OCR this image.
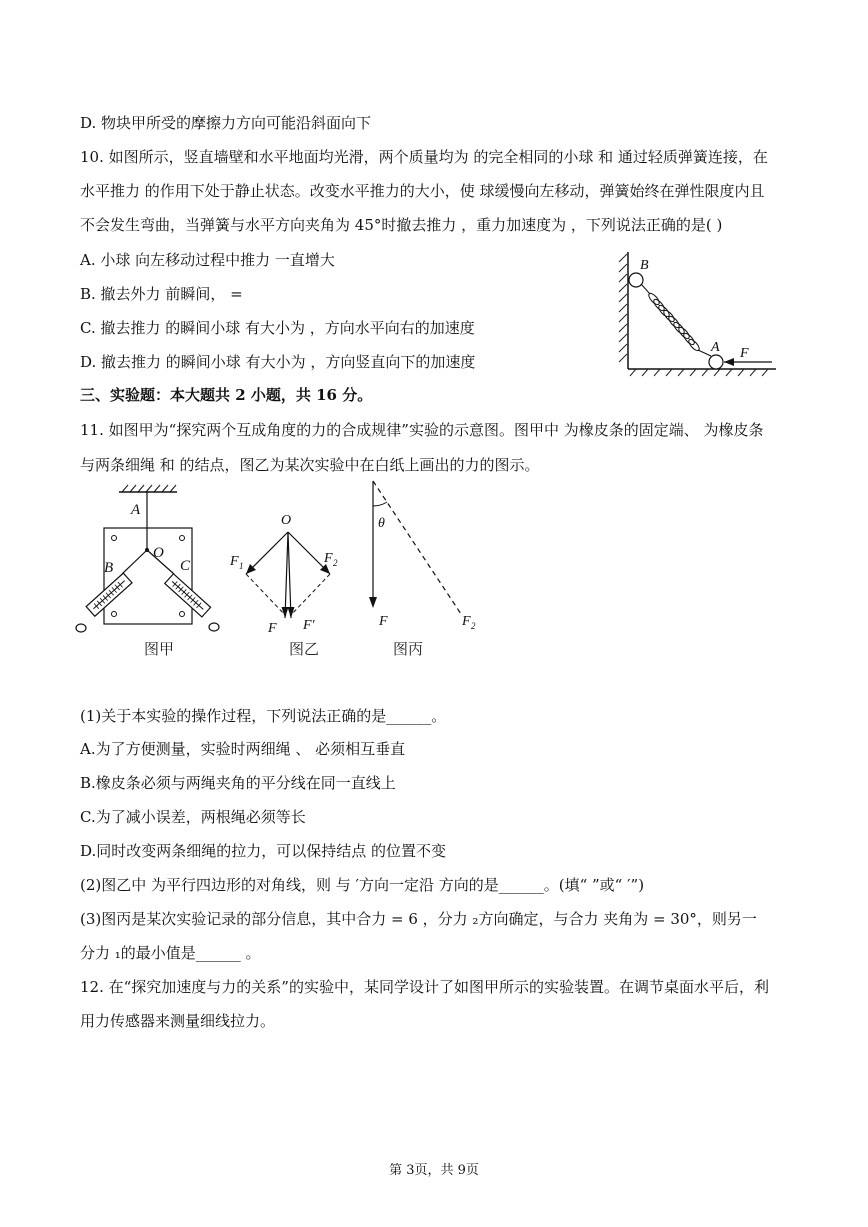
D. 物块甲所受的摩擦力方向可能沿斜面向下
10. 如图所示，竖直墙壁和水平地面均光滑，两个质量均为 的完全相同的小球 和 通过轻质弹簧连接，在
水平推力 的作用下处于静止状态。改变水平推力的大小，使 球缓慢向左移动，弹簧始终在弹性限度内且
不会发生弯曲，当弹簧与水平方向夹角为 45°时撤去推力 ，重力加速度为 ，下列说法正确的是( )
A. 小球 向左移动过程中推力 一直增大
B. 撤去外力 前瞬间， =
C. 撤去推力 的瞬间小球 有大小为 ，方向水平向右的加速度
D. 撤去推力 的瞬间小球 有大小为 ，方向竖直向下的加速度
三、实验题：本大题共 2 小题，共 16 分。
11. 如图甲为“探究两个互成角度的力的合成规律”实验的示意图。图甲中 为橡皮条的固定端、 为橡皮条
与两条细绳 和 的结点，图乙为某次实验中在白纸上画出的力的图示。
(1)关于本实验的操作过程，下列说法正确的是______。
A.为了方便测量，实验时两细绳 、 必须相互垂直
B.橡皮条必须与两绳夹角的平分线在同一直线上
C.为了减小误差，两根绳必须等长
D.同时改变两条细绳的拉力，可以保持结点 的位置不变
(2)图乙中 为平行四边形的对角线，则 与 ′方向一定沿 方向的是______。(填“ ”或“ ′”)
(3)图丙是某次实验记录的部分信息，其中合力 = 6 ，分力 ₂方向确定，与合力 夹角为 = 30°，则另一
分力 ₁的最小值是______ 。
12. 在“探究加速度与力的关系”的实验中，某同学设计了如图甲所示的实验装置。在调节桌面水平后，利
用力传感器来测量细线拉力。
B
A F
A
B
O
C
图甲
O
F 1	F 2
F F′
图乙
θ
F	F 2
图丙
第 3页，共 9页
